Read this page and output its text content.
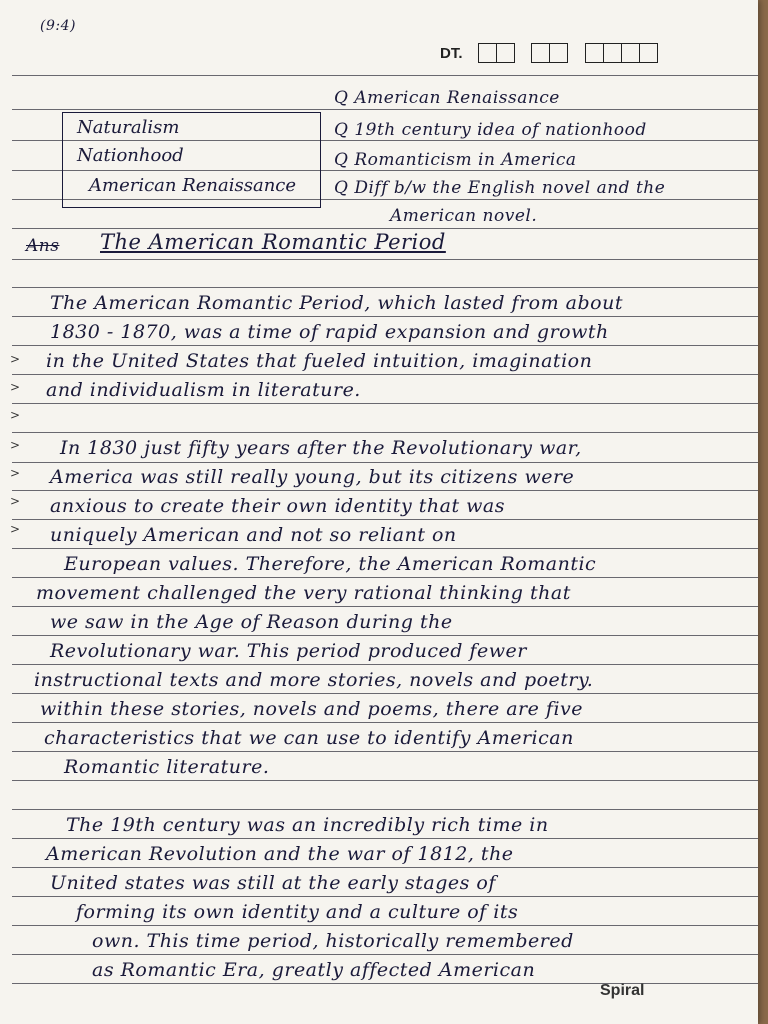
>
>
>
>
>
>
>
(9:4)
DT.
Naturalism
Nationhood
American Renaissance
Q American Renaissance
Q 19th century idea of nationhood
Q Romanticism in America
Q Diff b/w the English novel and the
American novel.
Ans The American Romantic Period
The American Romantic Period, which lasted from about
1830 - 1870, was a time of rapid expansion and growth
in the United States that fueled intuition, imagination
and individualism in literature.
In 1830 just fifty years after the Revolutionary war,
America was still really young, but its citizens were
anxious to create their own identity that was
uniquely American and not so reliant on
European values. Therefore, the American Romantic
movement challenged the very rational thinking that
we saw in the Age of Reason during the
Revolutionary war. This period produced fewer
instructional texts and more stories, novels and poetry.
within these stories, novels and poems, there are five
characteristics that we can use to identify American
Romantic literature.
The 19th century was an incredibly rich time in
American Revolution and the war of 1812, the
United states was still at the early stages of
forming its own identity and a culture of its
own. This time period, historically remembered
as Romantic Era, greatly affected American
Spiral
